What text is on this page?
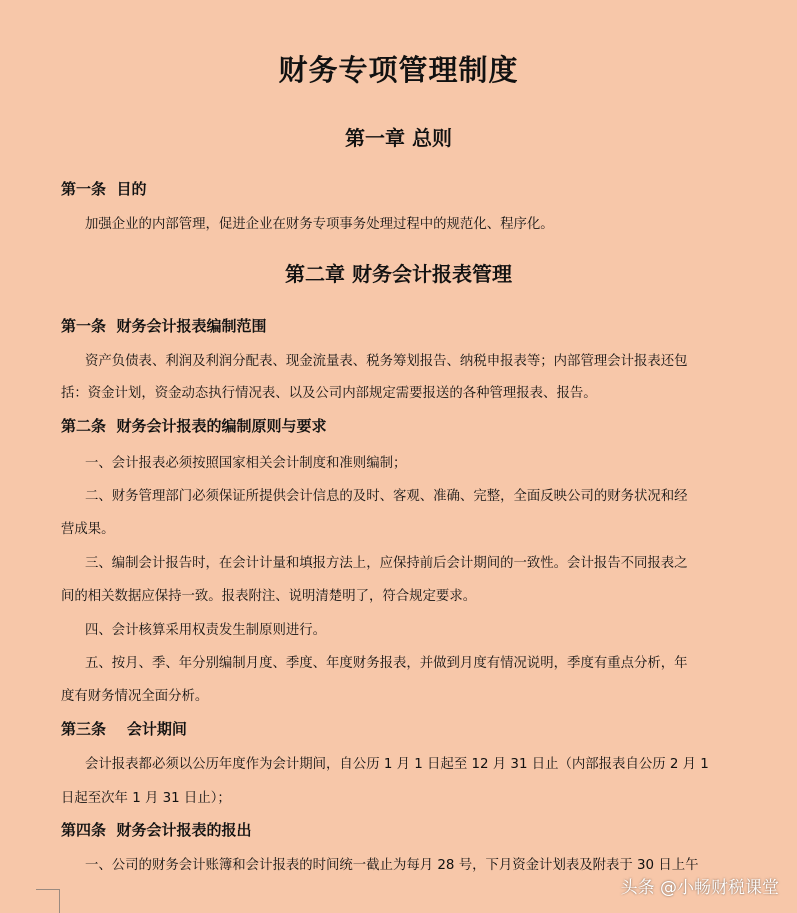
财务专项管理制度
第一章 总则

第一条  目的

加强企业的内部管理，促进企业在财务专项事务处理过程中的规范化、程序化。

第二章 财务会计报表管理

第一条  财务会计报表编制范围

资产负债表、利润及利润分配表、现金流量表、税务筹划报告、纳税申报表等；内部管理会计报表还包

括：资金计划，资金动态执行情况表、以及公司内部规定需要报送的各种管理报表、报告。

第二条  财务会计报表的编制原则与要求

一、会计报表必须按照国家相关会计制度和准则编制；

二、财务管理部门必须保证所提供会计信息的及时、客观、准确、完整，全面反映公司的财务状况和经

营成果。

三、编制会计报告时，在会计计量和填报方法上，应保持前后会计期间的一致性。会计报告不同报表之

间的相关数据应保持一致。报表附注、说明清楚明了，符合规定要求。

四、会计核算采用权责发生制原则进行。

五、按月、季、年分别编制月度、季度、年度财务报表，并做到月度有情况说明，季度有重点分析，年

度有财务情况全面分析。

第三条    会计期间

会计报表都必须以公历年度作为会计期间，自公历 1 月 1 日起至 12 月 31 日止（内部报表自公历 2 月 1

日起至次年 1 月 31 日止）；

第四条  财务会计报表的报出

一、公司的财务会计账簿和会计报表的时间统一截止为每月 28 号，下月资金计划表及附表于 30 日上午

头条 @小畅财税课堂
